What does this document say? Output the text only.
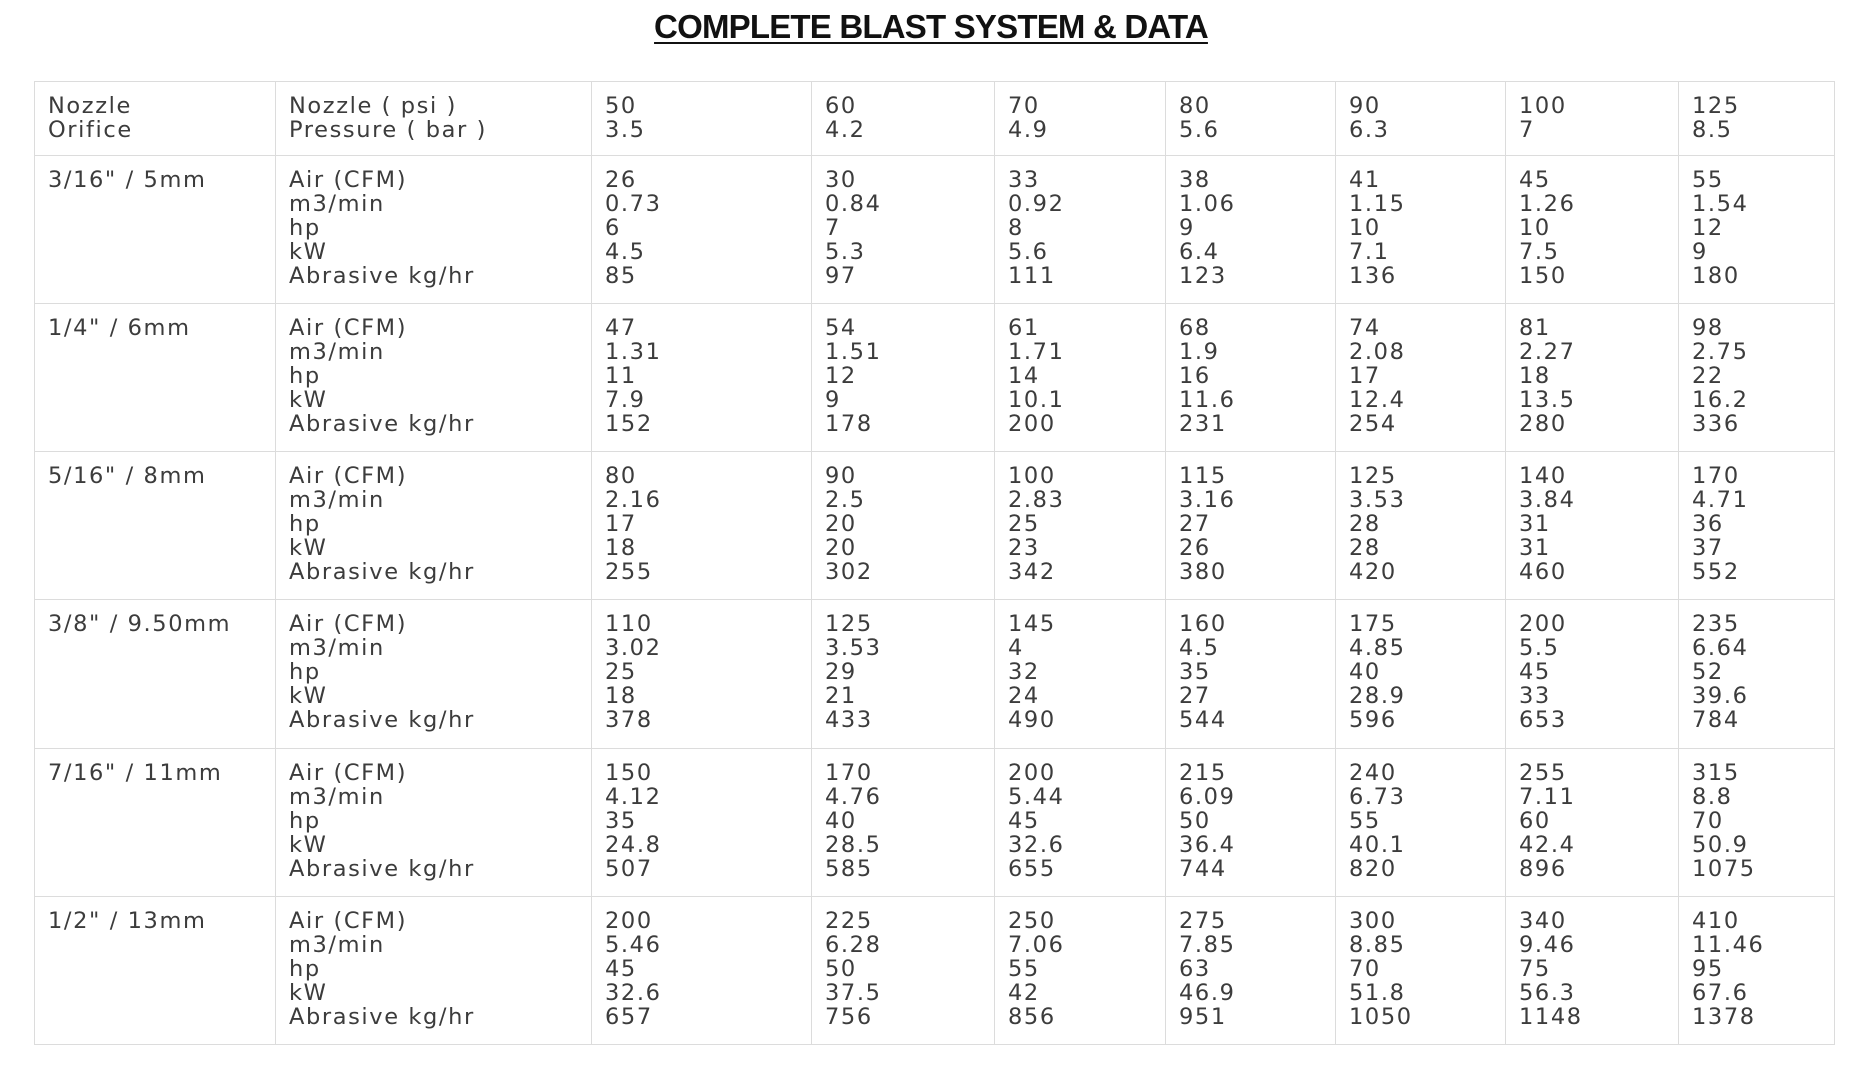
COMPLETE BLAST SYSTEM & DATA
Nozzle
Orifice	Nozzle ( psi )
Pressure ( bar )	50
3.5	60
4.2	70
4.9	80
5.6	90
6.3	100
7	125
8.5	

3/16" / 5mm	Air (CFM)
m3/min
hp
kW
Abrasive kg/hr	26
0.73
6
4.5
85	30
0.84
7
5.3
97	33
0.92
8
5.6
111	38
1.06
9
6.4
123	41
1.15
10
7.1
136	45
1.26
10
7.5
150	55
1.54
12
9
180	

1/4" / 6mm	Air (CFM)
m3/min
hp
kW
Abrasive kg/hr	47
1.31
11
7.9
152	54
1.51
12
9
178	61
1.71
14
10.1
200	68
1.9
16
11.6
231	74
2.08
17
12.4
254	81
2.27
18
13.5
280	98
2.75
22
16.2
336	

5/16" / 8mm	Air (CFM)
m3/min
hp
kW
Abrasive kg/hr	80
2.16
17
18
255	90
2.5
20
20
302	100
2.83
25
23
342	115
3.16
27
26
380	125
3.53
28
28
420	140
3.84
31
31
460	170
4.71
36
37
552	

3/8" / 9.50mm	Air (CFM)
m3/min
hp
kW
Abrasive kg/hr	110
3.02
25
18
378	125
3.53
29
21
433	145
4
32
24
490	160
4.5
35
27
544	175
4.85
40
28.9
596	200
5.5
45
33
653	235
6.64
52
39.6
784	

7/16" / 11mm	Air (CFM)
m3/min
hp
kW
Abrasive kg/hr	150
4.12
35
24.8
507	170
4.76
40
28.5
585	200
5.44
45
32.6
655	215
6.09
50
36.4
744	240
6.73
55
40.1
820	255
7.11
60
42.4
896	315
8.8
70
50.9
1075	

1/2" / 13mm	Air (CFM)
m3/min
hp
kW
Abrasive kg/hr	200
5.46
45
32.6
657	225
6.28
50
37.5
756	250
7.06
55
42
856	275
7.85
63
46.9
951	300
8.85
70
51.8
1050	340
9.46
75
56.3
1148	410
11.46
95
67.6
1378	
